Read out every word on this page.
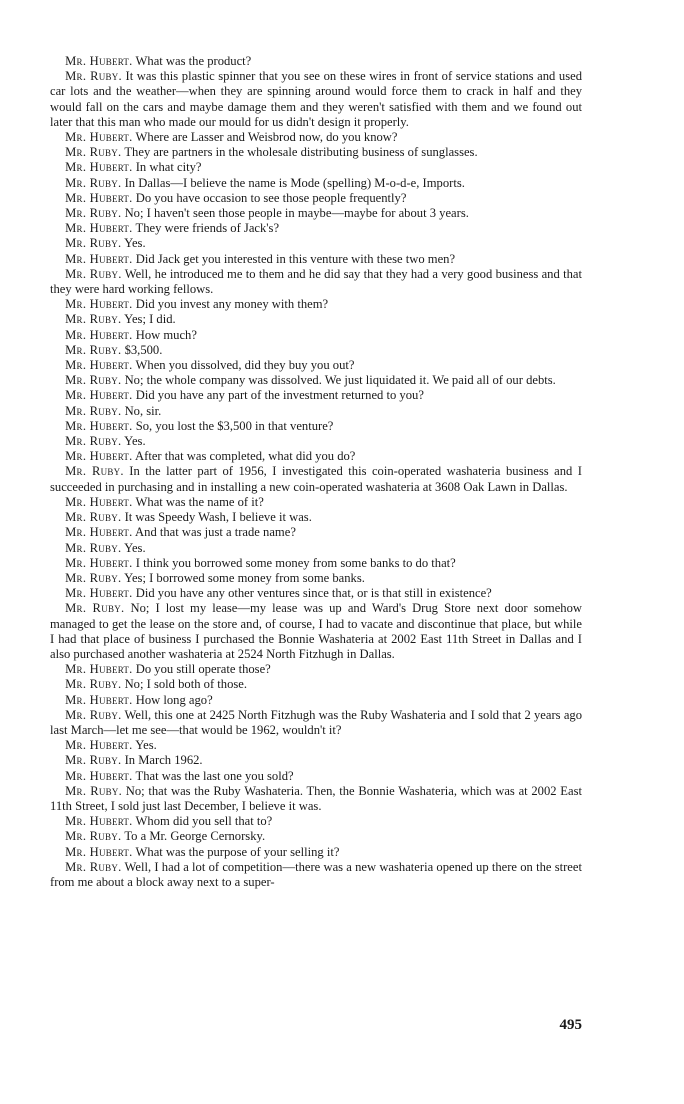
Mr. Hubert. What was the product?

Mr. Ruby. It was this plastic spinner that you see on these wires in front of service stations and used car lots and the weather—when they are spinning around would force them to crack in half and they would fall on the cars and maybe damage them and they weren't satisfied with them and we found out later that this man who made our mould for us didn't design it properly.

Mr. Hubert. Where are Lasser and Weisbrod now, do you know?

Mr. Ruby. They are partners in the wholesale distributing business of sunglasses.

Mr. Hubert. In what city?

Mr. Ruby. In Dallas—I believe the name is Mode (spelling) M-o-d-e, Imports.

Mr. Hubert. Do you have occasion to see those people frequently?

Mr. Ruby. No; I haven't seen those people in maybe—maybe for about 3 years.

Mr. Hubert. They were friends of Jack's?

Mr. Ruby. Yes.

Mr. Hubert. Did Jack get you interested in this venture with these two men?

Mr. Ruby. Well, he introduced me to them and he did say that they had a very good business and that they were hard working fellows.

Mr. Hubert. Did you invest any money with them?

Mr. Ruby. Yes; I did.

Mr. Hubert. How much?

Mr. Ruby. $3,500.

Mr. Hubert. When you dissolved, did they buy you out?

Mr. Ruby. No; the whole company was dissolved. We just liquidated it. We paid all of our debts.

Mr. Hubert. Did you have any part of the investment returned to you?

Mr. Ruby. No, sir.

Mr. Hubert. So, you lost the $3,500 in that venture?

Mr. Ruby. Yes.

Mr. Hubert. After that was completed, what did you do?

Mr. Ruby. In the latter part of 1956, I investigated this coin-operated washateria business and I succeeded in purchasing and in installing a new coin-operated washateria at 3608 Oak Lawn in Dallas.

Mr. Hubert. What was the name of it?

Mr. Ruby. It was Speedy Wash, I believe it was.

Mr. Hubert. And that was just a trade name?

Mr. Ruby. Yes.

Mr. Hubert. I think you borrowed some money from some banks to do that?

Mr. Ruby. Yes; I borrowed some money from some banks.

Mr. Hubert. Did you have any other ventures since that, or is that still in existence?

Mr. Ruby. No; I lost my lease—my lease was up and Ward's Drug Store next door somehow managed to get the lease on the store and, of course, I had to vacate and discontinue that place, but while I had that place of business I purchased the Bonnie Washateria at 2002 East 11th Street in Dallas and I also purchased another washateria at 2524 North Fitzhugh in Dallas.

Mr. Hubert. Do you still operate those?

Mr. Ruby. No; I sold both of those.

Mr. Hubert. How long ago?

Mr. Ruby. Well, this one at 2425 North Fitzhugh was the Ruby Washateria and I sold that 2 years ago last March—let me see—that would be 1962, wouldn't it?

Mr. Hubert. Yes.

Mr. Ruby. In March 1962.

Mr. Hubert. That was the last one you sold?

Mr. Ruby. No; that was the Ruby Washateria. Then, the Bonnie Washateria, which was at 2002 East 11th Street, I sold just last December, I believe it was.

Mr. Hubert. Whom did you sell that to?

Mr. Ruby. To a Mr. George Cernorsky.

Mr. Hubert. What was the purpose of your selling it?

Mr. Ruby. Well, I had a lot of competition—there was a new washateria opened up there on the street from me about a block away next to a super-

495
